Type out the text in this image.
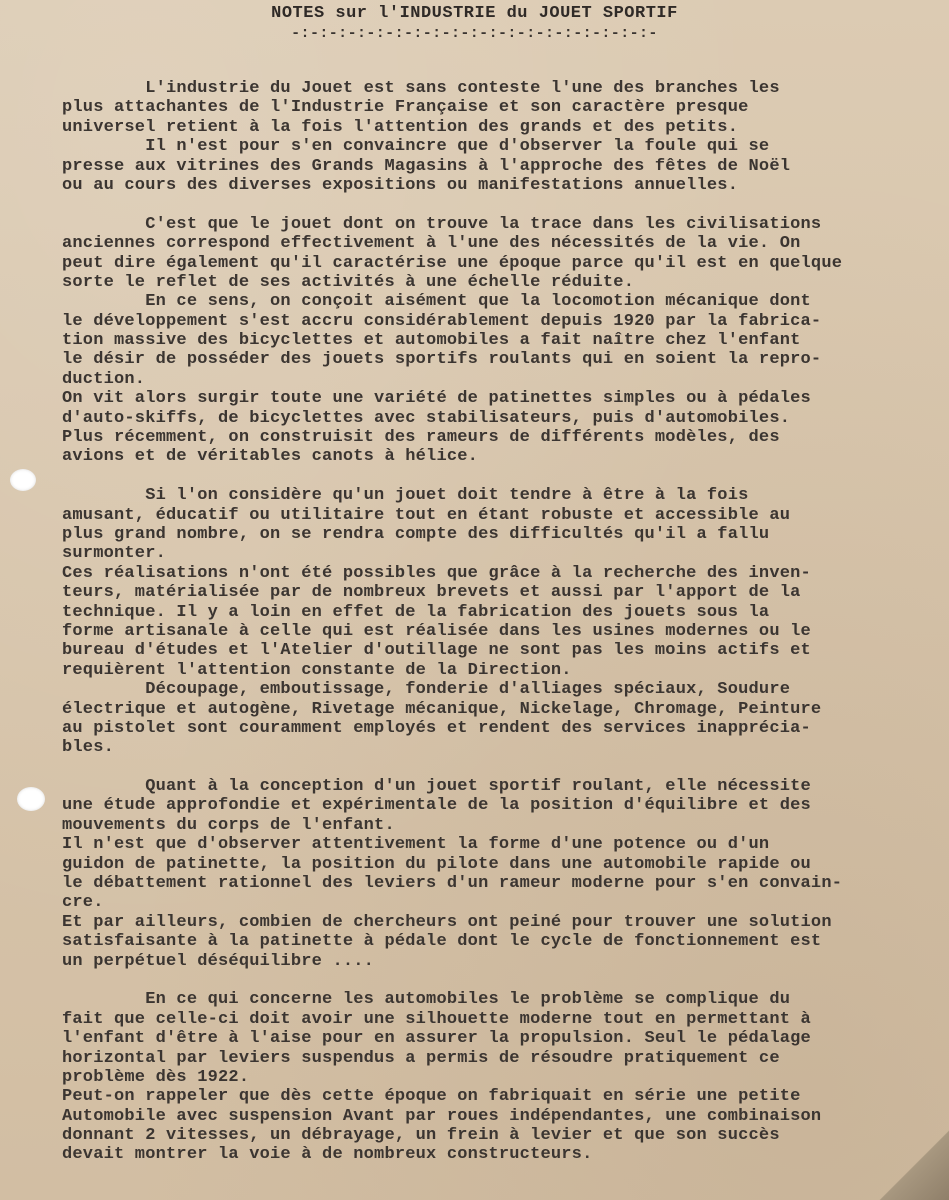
NOTES sur l'INDUSTRIE du JOUET SPORTIF
-:-:-:-:-:-:-:-:-:-:-:-:-:-:-:-:-:-:-:-
L'industrie du Jouet est sans conteste l'une des branches les
plus attachantes de l'Industrie Française et son caractère presque
universel retient à la fois l'attention des grands et des petits.
Il n'est pour s'en convaincre que d'observer la foule qui se
presse aux vitrines des Grands Magasins à l'approche des fêtes de Noël
ou au cours des diverses expositions ou manifestations annuelles.
C'est que le jouet dont on trouve la trace dans les civilisations
anciennes correspond effectivement à l'une des nécessités de la vie. On
peut dire également qu'il caractérise une époque parce qu'il est en quelque
sorte le reflet de ses activités à une échelle réduite.
En ce sens, on conçoit aisément que la locomotion mécanique dont
le développement s'est accru considérablement depuis 1920 par la fabrica-
tion massive des bicyclettes et automobiles a fait naître chez l'enfant
le désir de posséder des jouets sportifs roulants qui en soient la repro-
duction.
On vit alors surgir toute une variété de patinettes simples ou à pédales
d'auto-skiffs, de bicyclettes avec stabilisateurs, puis d'automobiles.
Plus récemment, on construisit des rameurs de différents modèles, des
avions et de véritables canots à hélice.
Si l'on considère qu'un jouet doit tendre à être à la fois
amusant, éducatif ou utilitaire tout en étant robuste et accessible au
plus grand nombre, on se rendra compte des difficultés qu'il a fallu
surmonter.
Ces réalisations n'ont été possibles que grâce à la recherche des inven-
teurs, matérialisée par de nombreux brevets et aussi par l'apport de la
technique. Il y a loin en effet de la fabrication des jouets sous la
forme artisanale à celle qui est réalisée dans les usines modernes ou le
bureau d'études et l'Atelier d'outillage ne sont pas les moins actifs et
requièrent l'attention constante de la Direction.
Découpage, emboutissage, fonderie d'alliages spéciaux, Soudure
électrique et autogène, Rivetage mécanique, Nickelage, Chromage, Peinture
au pistolet sont couramment employés et rendent des services inappréciа-
bles.
Quant à la conception d'un jouet sportif roulant, elle nécessite
une étude approfondie et expérimentale de la position d'équilibre et des
mouvements du corps de l'enfant.
Il n'est que d'observer attentivement la forme d'une potence ou d'un
guidon de patinette, la position du pilote dans une automobile rapide ou
le débattement rationnel des leviers d'un rameur moderne pour s'en convain-
cre.
Et par ailleurs, combien de chercheurs ont peiné pour trouver une solution
satisfaisante à la patinette à pédale dont le cycle de fonctionnement est
un perpétuel déséquilibre ....
En ce qui concerne les automobiles le problème se complique du
fait que celle-ci doit avoir une silhouette moderne tout en permettant à
l'enfant d'être à l'aise pour en assurer la propulsion. Seul le pédalage
horizontal par leviers suspendus a permis de résoudre pratiquement ce
problème dès 1922.
Peut-on rappeler que dès cette époque on fabriquait en série une petite
Automobile avec suspension Avant par roues indépendantes, une combinaison
donnant 2 vitesses, un débrayage, un frein à levier et que son succès
devait montrer la voie à de nombreux constructeurs.
